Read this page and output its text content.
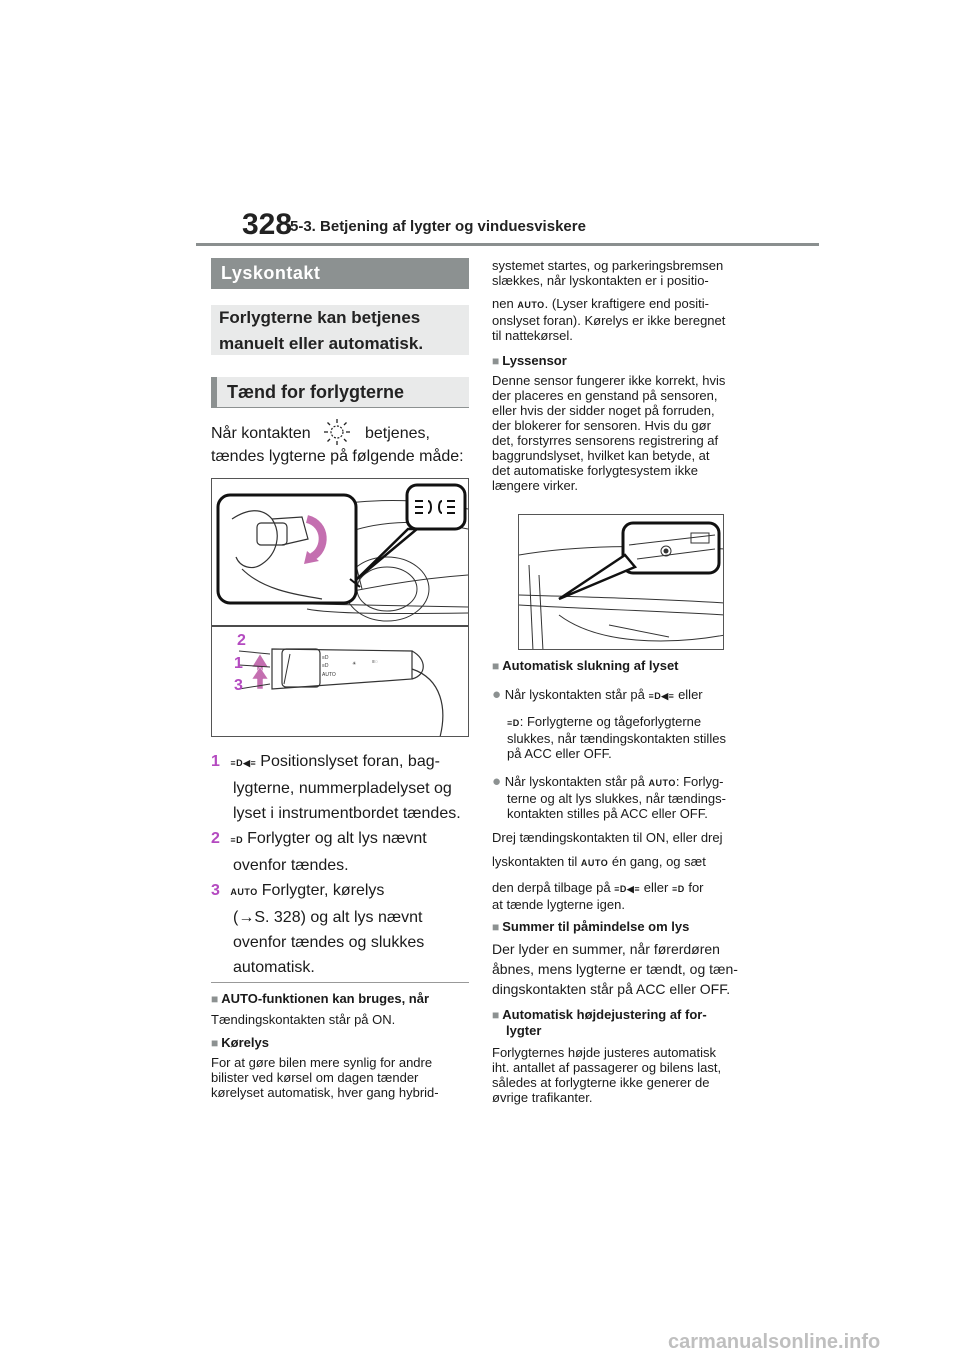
328
5-3. Betjening af lygter og vinduesviskere
Lyskontakt
Forlygterne kan betjenes manuelt eller automatisk.
Tænd for forlygterne
Når kontakten	betjenes,
tændes lygterne på følgende måde:
≡D
≡D
AUTO
☀	≡◌
2
1
3
1 ≡D◀≡ Positionslyset foran, bag-
lygterne, nummerpladelyset og
lyset i instrumentbordet tændes.
2 ≡D Forlygter og alt lys nævnt
ovenfor tændes.
3 AUTO Forlygter, kørelys
(→S. 328) og alt lys nævnt
ovenfor tændes og slukkes
automatisk.
■ AUTO-funktionen kan bruges, når
Tændingskontakten står på ON.
■ Kørelys
For at gøre bilen mere synlig for andre
bilister ved kørsel om dagen tænder
kørelyset automatisk, hver gang hybrid-
systemet startes, og parkeringsbremsen
slækkes, når lyskontakten er i positio-
nen AUTO. (Lyser kraftigere end positi-
onslyset foran). Kørelys er ikke beregnet
til nattekørsel.
■ Lyssensor
Denne sensor fungerer ikke korrekt, hvis
der placeres en genstand på sensoren,
eller hvis der sidder noget på forruden,
der blokerer for sensoren. Hvis du gør
det, forstyrres sensorens registrering af
baggrundslyset, hvilket kan betyde, at
det automatiske forlygtesystem ikke
længere virker.
■ Automatisk slukning af lyset
● Når lyskontakten står på ≡D◀≡ eller
≡D: Forlygterne og tågeforlygterne
slukkes, når tændingskontakten stilles
på ACC eller OFF.
● Når lyskontakten står på AUTO: Forlyg-
terne og alt lys slukkes, når tændings-
kontakten stilles på ACC eller OFF.
Drej tændingskontakten til ON, eller drej
lyskontakten til AUTO én gang, og sæt
den derpå tilbage på ≡D◀≡ eller ≡D for
at tænde lygterne igen.
■ Summer til påmindelse om lys
Der lyder en summer, når førerdøren
åbnes, mens lygterne er tændt, og tæn-
dingskontakten står på ACC eller OFF.
■ Automatisk højdejustering af for-
lygter
Forlygternes højde justeres automatisk
iht. antallet af passagerer og bilens last,
således at forlygterne ikke generer de
øvrige trafikanter.
carmanualsonline.info
